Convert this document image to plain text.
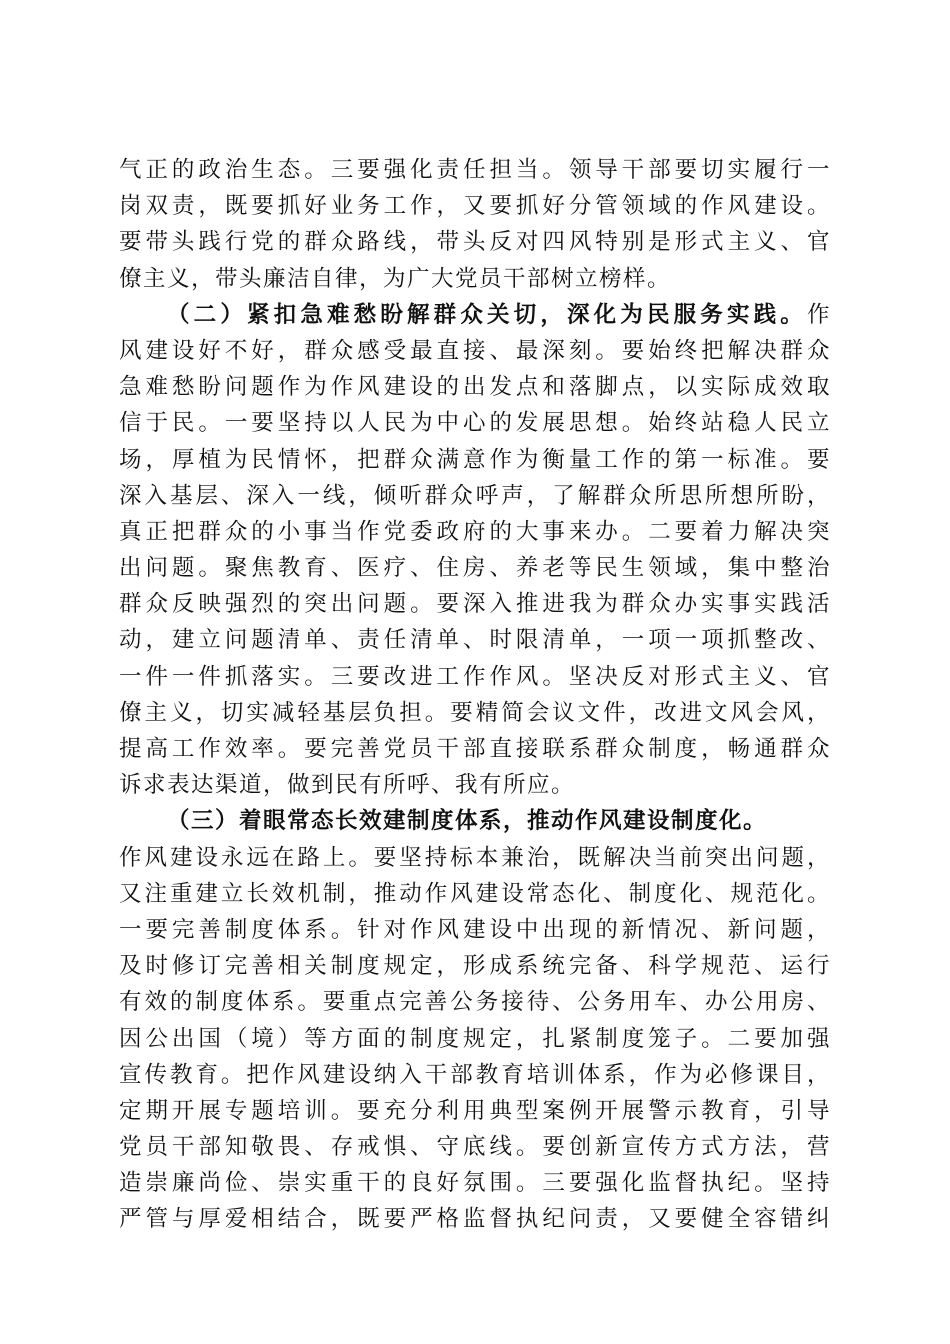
气正的政治生态。三要强化责任担当。领导干部要切实履行一
岗双责，既要抓好业务工作，又要抓好分管领域的作风建设。
要带头践行党的群众路线，带头反对四风特别是形式主义、官
僚主义，带头廉洁自律，为广大党员干部树立榜样。
（二）紧扣急难愁盼解群众关切，深化为民服务实践。作
风建设好不好，群众感受最直接、最深刻。要始终把解决群众
急难愁盼问题作为作风建设的出发点和落脚点，以实际成效取
信于民。一要坚持以人民为中心的发展思想。始终站稳人民立
场，厚植为民情怀，把群众满意作为衡量工作的第一标准。要
深入基层、深入一线，倾听群众呼声，了解群众所思所想所盼，
真正把群众的小事当作党委政府的大事来办。二要着力解决突
出问题。聚焦教育、医疗、住房、养老等民生领域，集中整治
群众反映强烈的突出问题。要深入推进我为群众办实事实践活
动，建立问题清单、责任清单、时限清单，一项一项抓整改、
一件一件抓落实。三要改进工作作风。坚决反对形式主义、官
僚主义，切实减轻基层负担。要精简会议文件，改进文风会风，
提高工作效率。要完善党员干部直接联系群众制度，畅通群众
诉求表达渠道，做到民有所呼、我有所应。
（三）着眼常态长效建制度体系，推动作风建设制度化。
作风建设永远在路上。要坚持标本兼治，既解决当前突出问题，
又注重建立长效机制，推动作风建设常态化、制度化、规范化。
一要完善制度体系。针对作风建设中出现的新情况、新问题，
及时修订完善相关制度规定，形成系统完备、科学规范、运行
有效的制度体系。要重点完善公务接待、公务用车、办公用房、
因公出国（境）等方面的制度规定，扎紧制度笼子。二要加强
宣传教育。把作风建设纳入干部教育培训体系，作为必修课目，
定期开展专题培训。要充分利用典型案例开展警示教育，引导
党员干部知敬畏、存戒惧、守底线。要创新宣传方式方法，营
造崇廉尚俭、崇实重干的良好氛围。三要强化监督执纪。坚持
严管与厚爱相结合，既要严格监督执纪问责，又要健全容错纠
